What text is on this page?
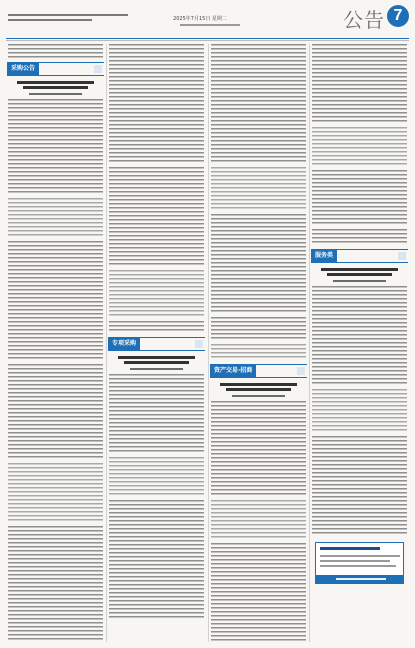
2025年7月15日 星期二	公告 7
采购公告
专项采购
资产交易·招商
服务类
